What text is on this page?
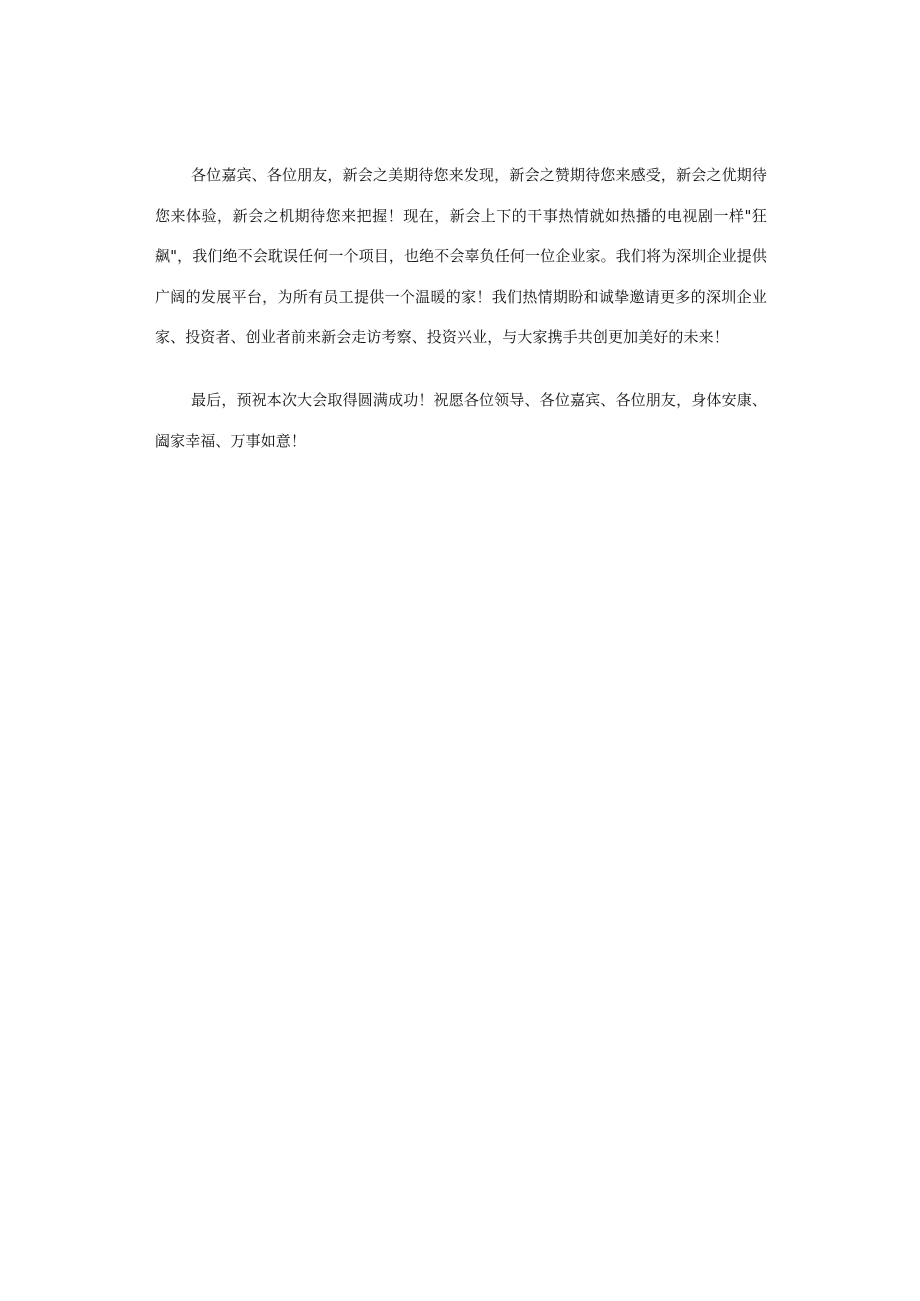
各位嘉宾、各位朋友，新会之美期待您来发现，新会之赞期待您来感受，新会之优期待您来体验，新会之机期待您来把握！现在，新会上下的干事热情就如热播的电视剧一样"狂飙"，我们绝不会耽误任何一个项目，也绝不会辜负任何一位企业家。我们将为深圳企业提供广阔的发展平台，为所有员工提供一个温暖的家！我们热情期盼和诚挚邀请更多的深圳企业家、投资者、创业者前来新会走访考察、投资兴业，与大家携手共创更加美好的未来！

最后，预祝本次大会取得圆满成功！祝愿各位领导、各位嘉宾、各位朋友，身体安康、阖家幸福、万事如意！
